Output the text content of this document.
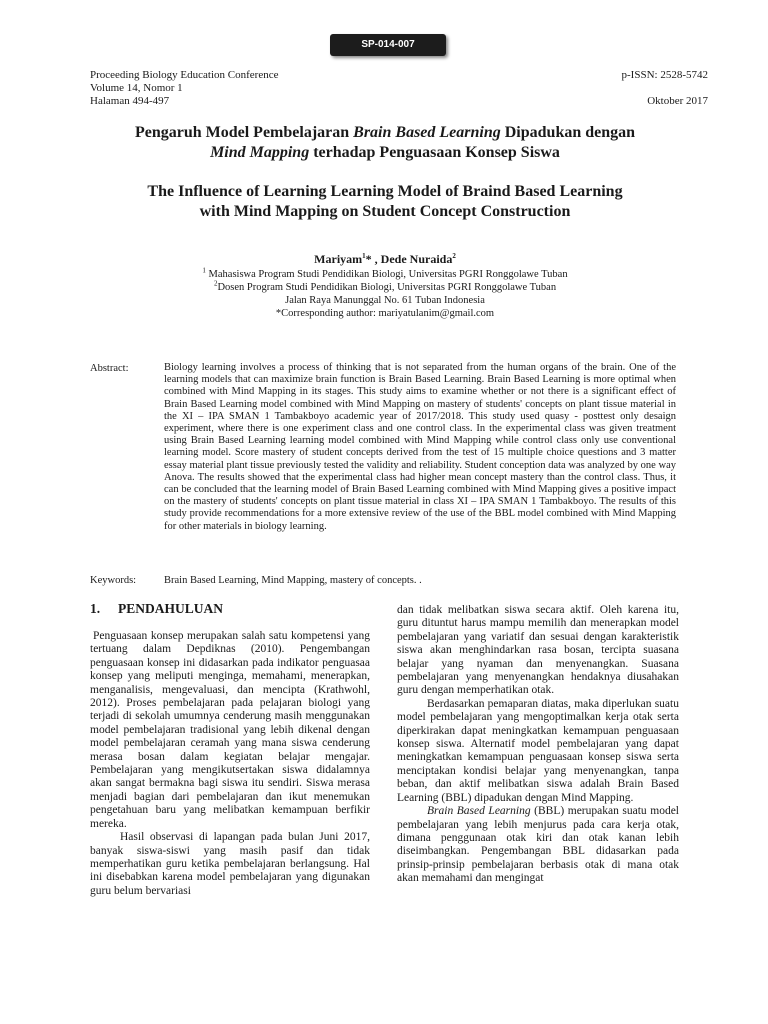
SP-014-007
Proceeding Biology Education Conference
Volume 14, Nomor 1
Halaman 494-497
p-ISSN: 2528-5742
Oktober 2017
Pengaruh Model Pembelajaran Brain Based Learning Dipadukan dengan
Mind Mapping terhadap Penguasaan Konsep Siswa
The Influence of Learning Learning Model of Braind Based Learning
with Mind Mapping on Student Concept Construction
Mariyam$^1$* , Dede Nuraida$^2$
$^1$ Mahasiswa Program Studi Pendidikan Biologi, Universitas PGRI Ronggolawe Tuban
$^2$Dosen Program Studi Pendidikan Biologi, Universitas PGRI Ronggolawe Tuban
Jalan Raya Manunggal No. 61 Tuban Indonesia
*Corresponding author: mariyatulanim@gmail.com
Abstract:	Biology learning involves a process of thinking that is not separated from the human organs of the brain. One of the learning models that can maximize brain function is Brain Based Learning. Brain Based Learning is more optimal when combined with Mind Mapping in its stages. This study aims to examine whether or not there is a significant effect of Brain Based Learning model combined with Mind Mapping on mastery of students' concepts on plant tissue material in the XI – IPA SMAN 1 Tambakboyo academic year of 2017/2018. This study used quasy - posttest only desaign experiment, where there is one experiment class and one control class. In the experimental class was given treatment using Brain Based Learning learning model combined with Mind Mapping while control class only use conventional learning model. Score mastery of student concepts derived from the test of 15 multiple choice questions and 3 matter essay material plant tissue previously tested the validity and reliability. Student conception data was analyzed by one way Anova. The results showed that the experimental class had higher mean concept mastery than the control class. Thus, it can be concluded that the learning model of Brain Based Learning combined with Mind Mapping gives a positive impact on the mastery of students' concepts on plant tissue material in class XI – IPA SMAN 1 Tambakboyo. The results of this study provide recommendations for a more extensive review of the use of the BBL model combined with Mind Mapping for other materials in biology learning.
Keywords:	Brain Based Learning, Mind Mapping, mastery of concepts. .
1. PENDAHULUAN

Penguasaan konsep merupakan salah satu kompetensi yang tertuang dalam Depdiknas (2010). Pengembangan penguasaan konsep ini didasarkan pada indikator penguasaa konsep yang meliputi menginga, memahami, menerapkan, menganalisis, mengevaluasi, dan mencipta (Krathwohl, 2012). Proses pembelajaran pada pelajaran biologi yang terjadi di sekolah umumnya cenderung masih menggunakan model pembelajaran tradisional yang lebih dikenal dengan model pembelajaran ceramah yang mana siswa cenderung merasa bosan dalam kegiatan belajar mengajar. Pembelajaran yang mengikutsertakan siswa didalamnya akan sangat bermakna bagi siswa itu sendiri. Siswa merasa menjadi bagian dari pembelajaran dan ikut menemukan pengetahuan baru yang melibatkan kemampuan berfikir mereka.

Hasil observasi di lapangan pada bulan Juni 2017, banyak siswa-siswi yang masih pasif dan tidak memperhatikan guru ketika pembelajaran berlangsung. Hal ini disebabkan karena model pembelajaran yang digunakan guru belum bervariasi

dan tidak melibatkan siswa secara aktif. Oleh karena itu, guru dituntut harus mampu memilih dan menerapkan model pembelajaran yang variatif dan sesuai dengan karakteristik siswa akan menghindarkan rasa bosan, tercipta suasana belajar yang nyaman dan menyenangkan. Suasana pembelajaran yang menyenangkan hendaknya diusahakan guru dengan memperhatikan otak.

Berdasarkan pemaparan diatas, maka diperlukan suatu model pembelajaran yang mengoptimalkan kerja otak serta diperkirakan dapat meningkatkan kemampuan penguasaan konsep siswa. Alternatif model pembelajaran yang dapat meningkatkan kemampuan penguasaan konsep siswa serta menciptakan kondisi belajar yang menyenangkan, tanpa beban, dan aktif melibatkan siswa adalah Brain Based Learning (BBL) dipadukan dengan Mind Mapping.

Brain Based Learning (BBL) merupakan suatu model pembelajaran yang lebih menjurus pada cara kerja otak, dimana penggunaan otak kiri dan otak kanan lebih diseimbangkan. Pengembangan BBL didasarkan pada prinsip-prinsip pembelajaran berbasis otak di mana otak akan memahami dan mengingat
